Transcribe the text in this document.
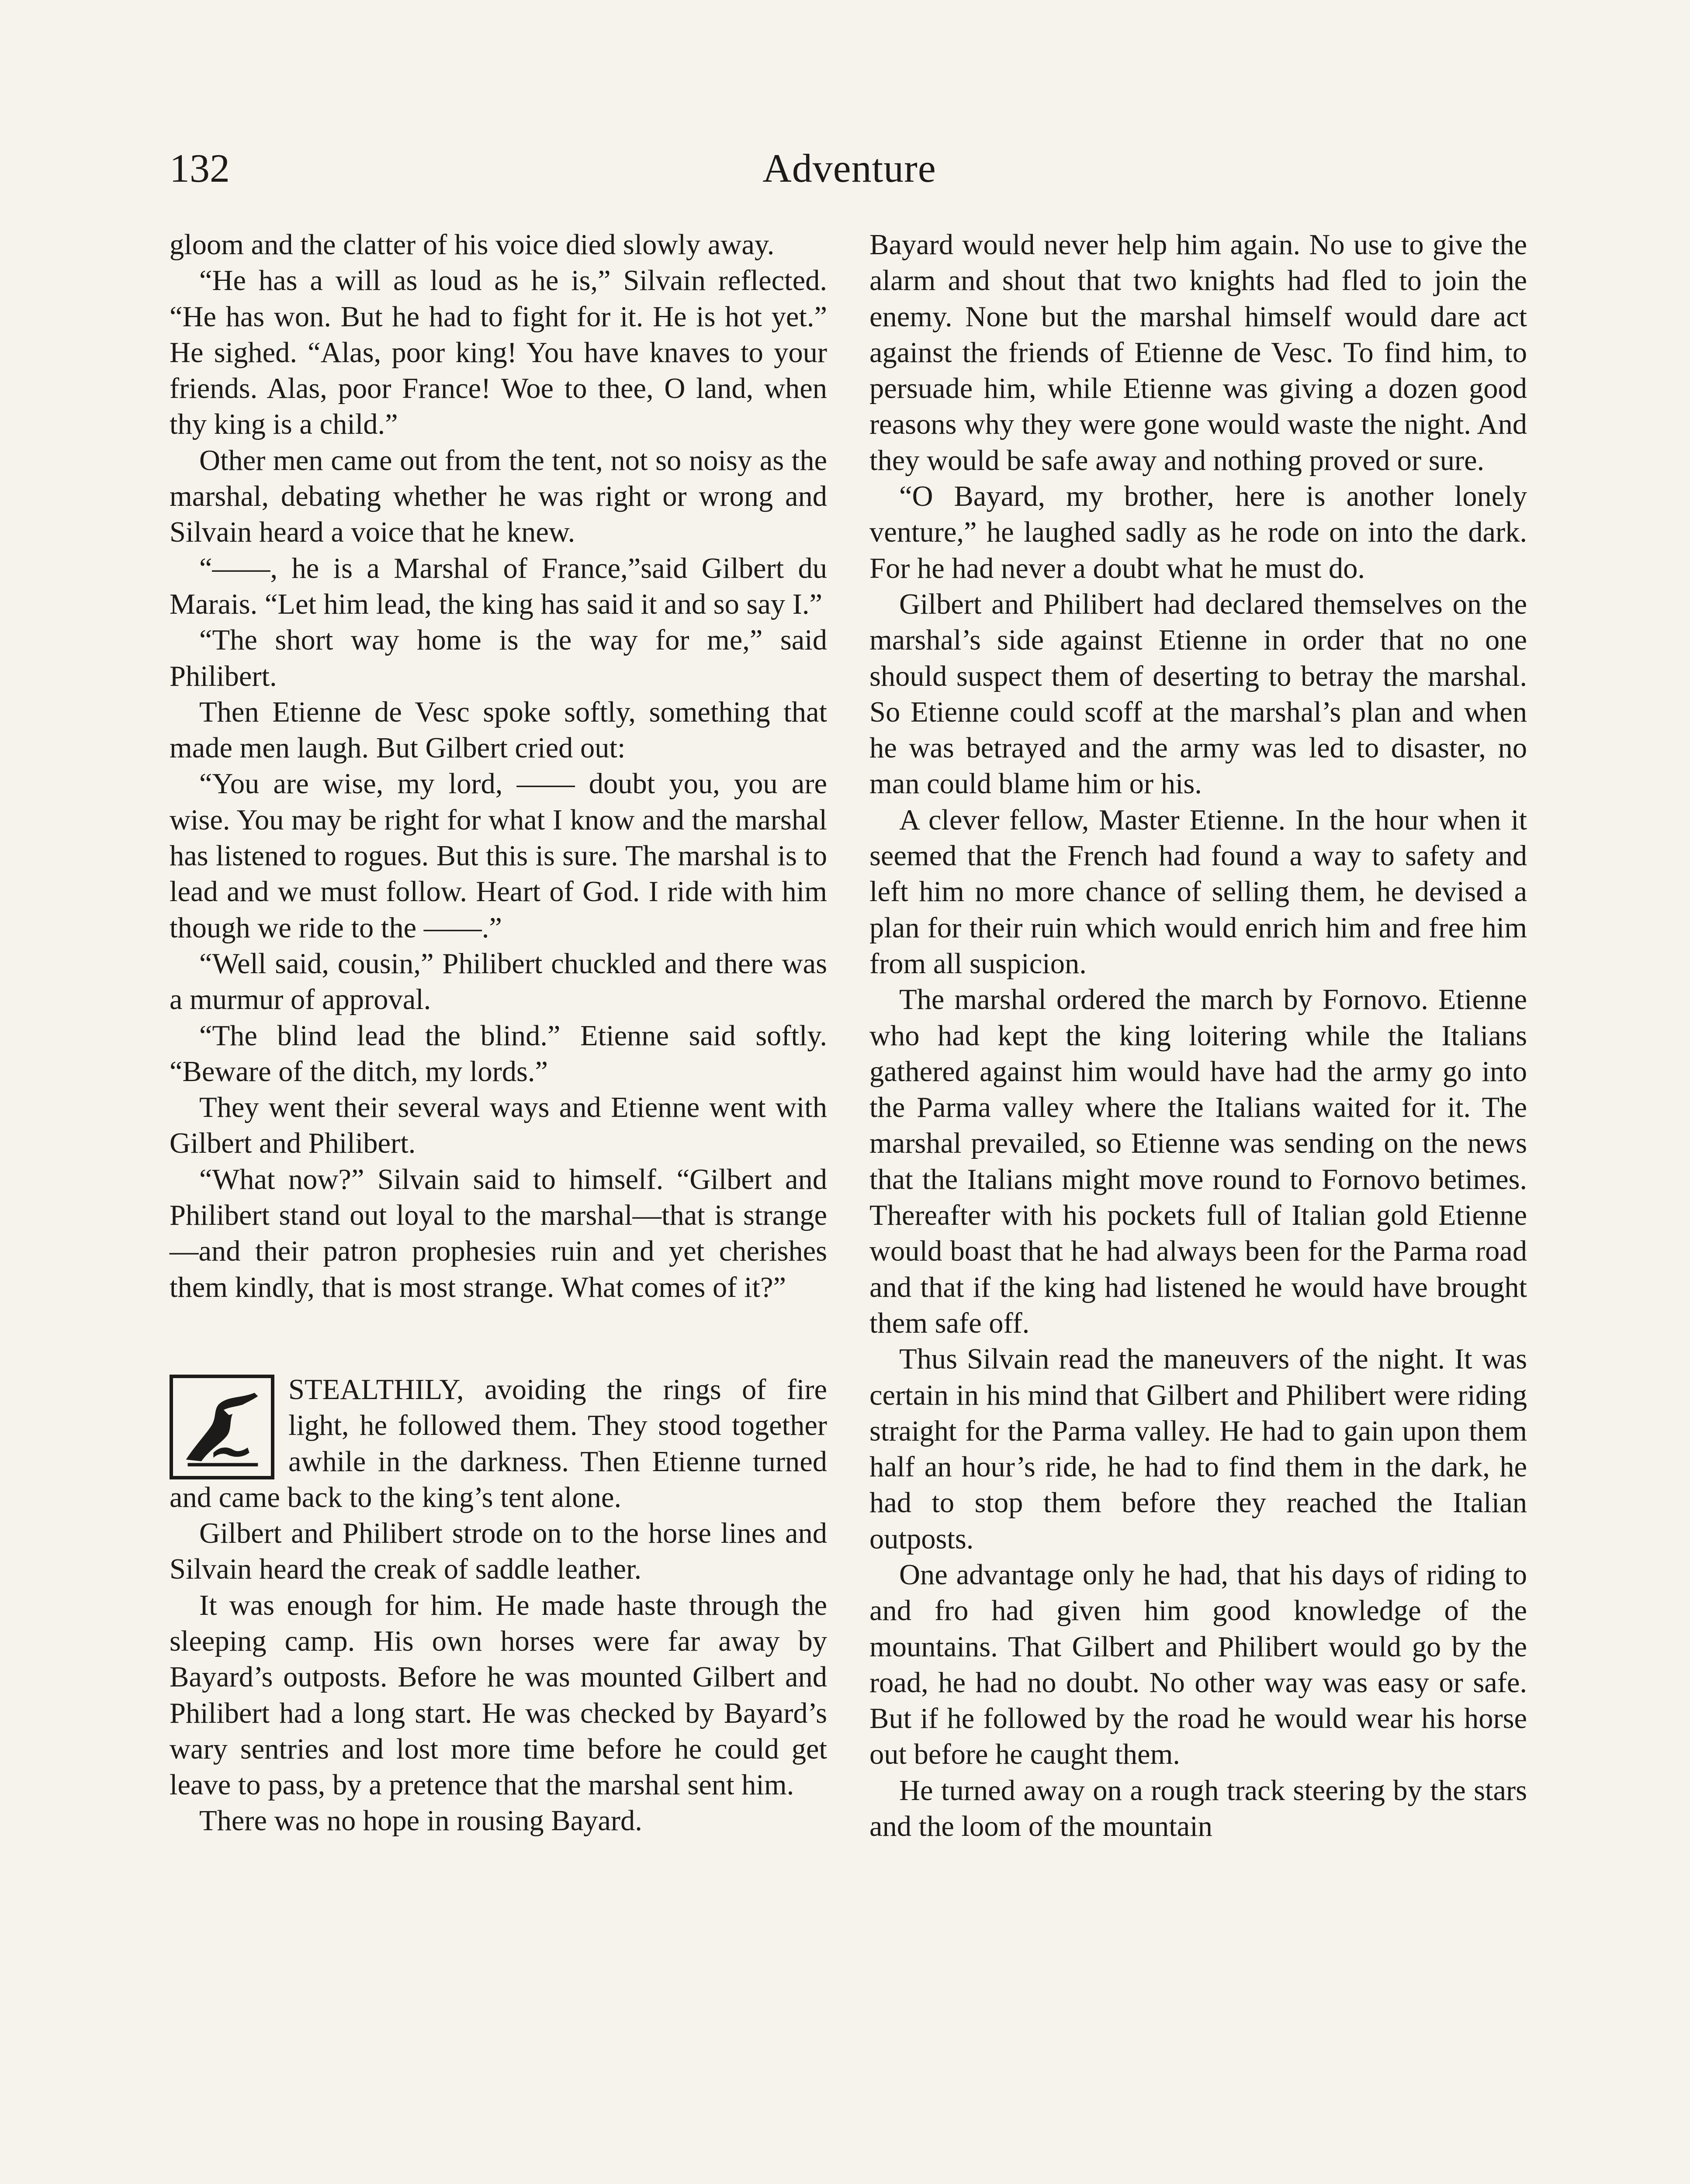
132	Adventure

gloom and the clatter of his voice died slowly away.

“He has a will as loud as he is,” Silvain reflected. “He has won. But he had to fight for it. He is hot yet.” He sighed. “Alas, poor king! You have knaves to your friends. Alas, poor France! Woe to thee, O land, when thy king is a child.”

Other men came out from the tent, not so noisy as the marshal, debating whether he was right or wrong and Silvain heard a voice that he knew.

“——, he is a Marshal of France,”said Gilbert du Marais. “Let him lead, the king has said it and so say I.”

“The short way home is the way for me,” said Philibert.

Then Etienne de Vesc spoke softly, something that made men laugh. But Gilbert cried out:

“You are wise, my lord, —— doubt you, you are wise. You may be right for what I know and the marshal has listened to rogues. But this is sure. The marshal is to lead and we must follow. Heart of God. I ride with him though we ride to the ——.”

“Well said, cousin,” Philibert chuckled and there was a murmur of approval.

“The blind lead the blind.” Etienne said softly. “Beware of the ditch, my lords.”

They went their several ways and Etienne went with Gilbert and Philibert.

“What now?” Silvain said to himself. “Gilbert and Philibert stand out loyal to the marshal—that is strange—and their patron prophesies ruin and yet cherishes them kindly, that is most strange. What comes of it?”

STEALTHILY, avoiding the rings of fire light, he followed them. They stood together awhile in the darkness. Then Etienne turned and came back to the king’s tent alone.

Gilbert and Philibert strode on to the horse lines and Silvain heard the creak of saddle leather.

It was enough for him. He made haste through the sleeping camp. His own horses were far away by Bayard’s outposts. Before he was mounted Gilbert and Philibert had a long start. He was checked by Bayard’s wary sentries and lost more time before he could get leave to pass, by a pretence that the marshal sent him.

There was no hope in rousing Bayard.

Bayard would never help him again. No use to give the alarm and shout that two knights had fled to join the enemy. None but the marshal himself would dare act against the friends of Etienne de Vesc. To find him, to persuade him, while Etienne was giving a dozen good reasons why they were gone would waste the night. And they would be safe away and nothing proved or sure.

“O Bayard, my brother, here is another lonely venture,” he laughed sadly as he rode on into the dark. For he had never a doubt what he must do.

Gilbert and Philibert had declared themselves on the marshal’s side against Etienne in order that no one should suspect them of deserting to betray the marshal. So Etienne could scoff at the marshal’s plan and when he was betrayed and the army was led to disaster, no man could blame him or his.

A clever fellow, Master Etienne. In the hour when it seemed that the French had found a way to safety and left him no more chance of selling them, he devised a plan for their ruin which would enrich him and free him from all suspicion.

The marshal ordered the march by Fornovo. Etienne who had kept the king loitering while the Italians gathered against him would have had the army go into the Parma valley where the Italians waited for it. The marshal prevailed, so Etienne was sending on the news that the Italians might move round to Fornovo betimes. Thereafter with his pockets full of Italian gold Etienne would boast that he had always been for the Parma road and that if the king had listened he would have brought them safe off.

Thus Silvain read the maneuvers of the night. It was certain in his mind that Gilbert and Philibert were riding straight for the Parma valley. He had to gain upon them half an hour’s ride, he had to find them in the dark, he had to stop them before they reached the Italian outposts.

One advantage only he had, that his days of riding to and fro had given him good knowledge of the mountains. That Gilbert and Philibert would go by the road, he had no doubt. No other way was easy or safe. But if he followed by the road he would wear his horse out before he caught them.

He turned away on a rough track steering by the stars and the loom of the mountain
